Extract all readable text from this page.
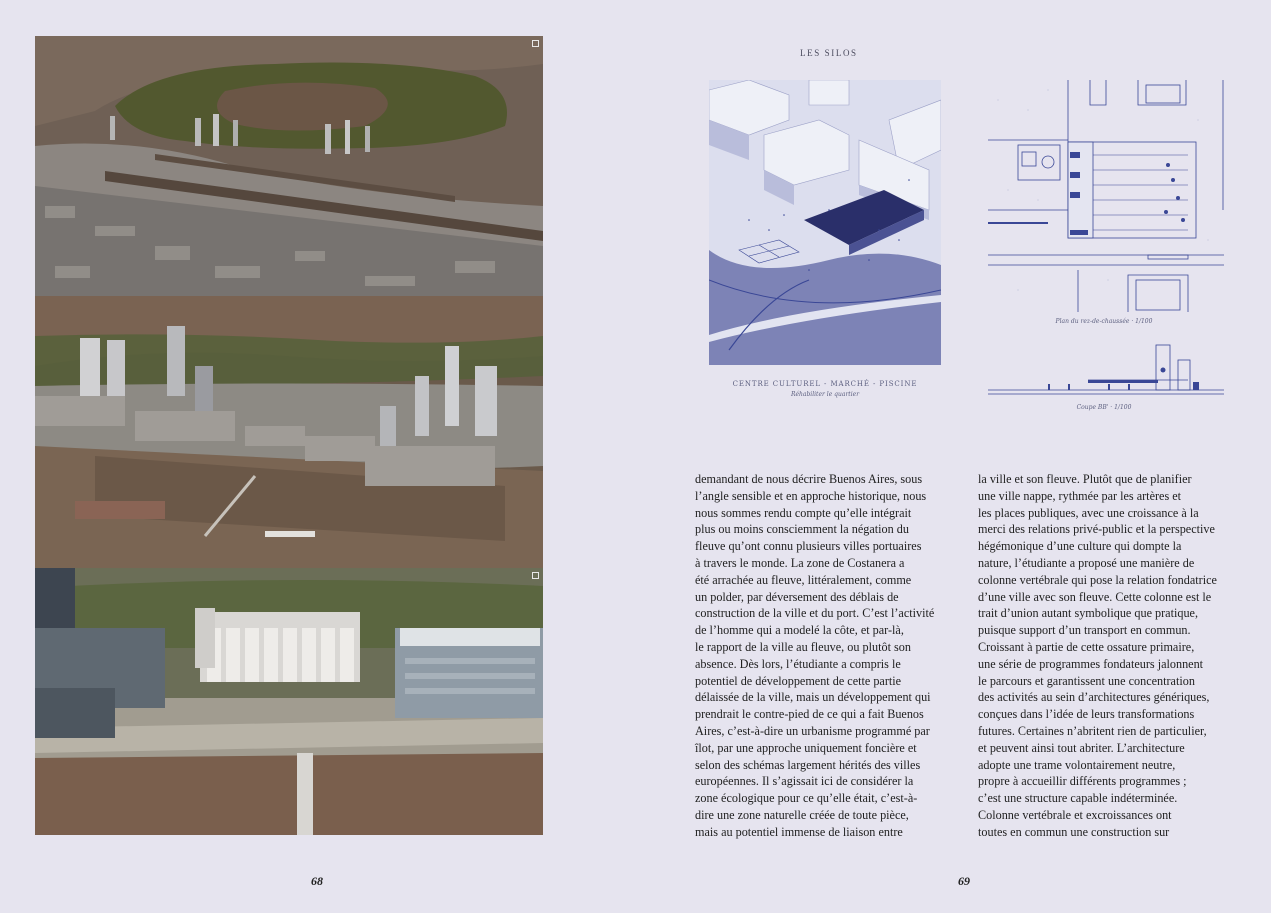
LES SILOS
CENTRE CULTUREL - MARCHÉ - PISCINE
Réhabiliter le quartier
Plan du rez-de-chaussée · 1/100
Coupe BB' · 1/100
demandant de nous décrire Buenos Aires, sous
l’angle sensible et en approche historique, nous
nous sommes rendu compte qu’elle intégrait
plus ou moins consciemment la négation du
fleuve qu’ont connu plusieurs villes portuaires
à travers le monde. La zone de Costanera a
été arrachée au fleuve, littéralement, comme
un polder, par déversement des déblais de
construction de la ville et du port. C’est l’activité
de l’homme qui a modelé la côte, et par-là,
le rapport de la ville au fleuve, ou plutôt son
absence. Dès lors, l’étudiante a compris le
potentiel de développement de cette partie
délaissée de la ville, mais un développement qui
prendrait le contre-pied de ce qui a fait Buenos
Aires, c’est-à-dire un urbanisme programmé par
îlot, par une approche uniquement foncière et
selon des schémas largement hérités des villes
européennes. Il s’agissait ici de considérer la
zone écologique pour ce qu’elle était, c’est-à-
dire une zone naturelle créée de toute pièce,
mais au potentiel immense de liaison entre
la ville et son fleuve. Plutôt que de planifier
une ville nappe, rythmée par les artères et
les places publiques, avec une croissance à la
merci des relations privé-public et la perspective
hégémonique d’une culture qui dompte la
nature, l’étudiante a proposé une manière de
colonne vertébrale qui pose la relation fondatrice
d’une ville avec son fleuve. Cette colonne est le
trait d’union autant symbolique que pratique,
puisque support d’un transport en commun.
Croissant à partie de cette ossature primaire,
une série de programmes fondateurs jalonnent
le parcours et garantissent une concentration
des activités au sein d’architectures génériques,
conçues dans l’idée de leurs transformations
futures. Certaines n’abritent rien de particulier,
et peuvent ainsi tout abriter. L’architecture
adopte une trame volontairement neutre,
propre à accueillir différents programmes ;
c’est une structure capable indéterminée.
Colonne vertébrale et excroissances ont
toutes en commun une construction sur
68	69
